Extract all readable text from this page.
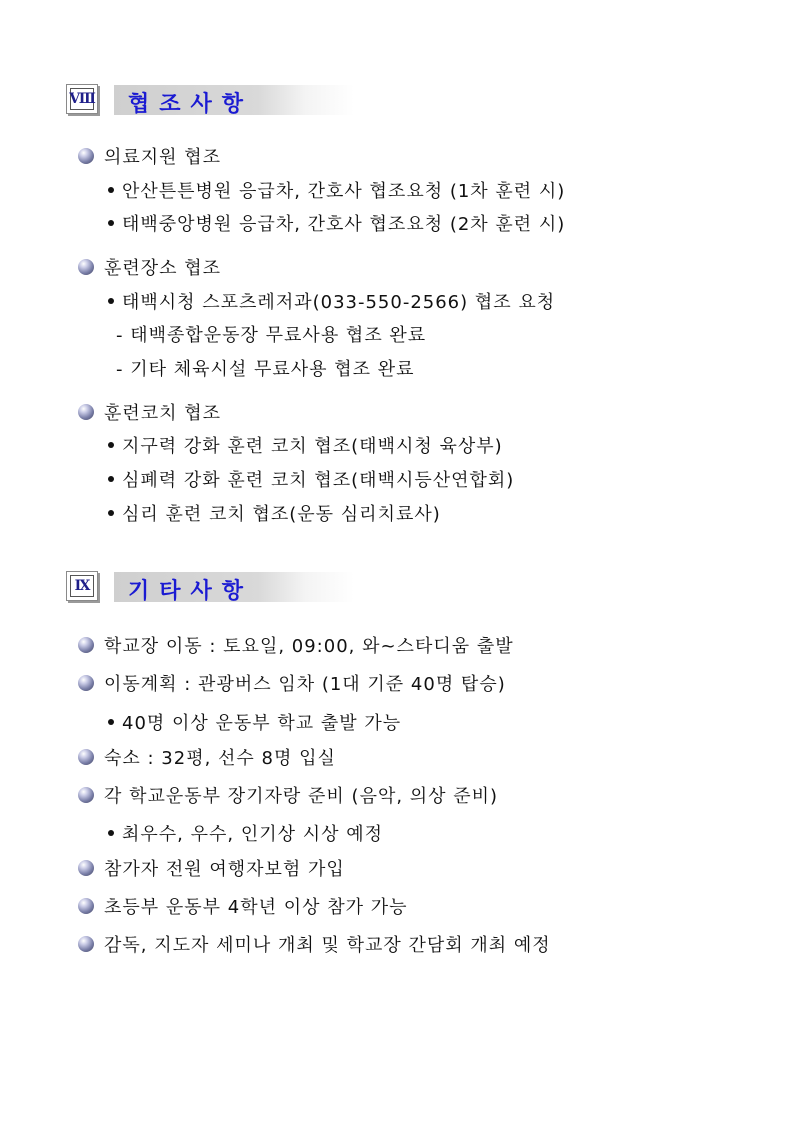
Ⅷ 협조사항
의료지원 협조
안산튼튼병원 응급차, 간호사 협조요청 (1차 훈련 시)
태백중앙병원 응급차, 간호사 협조요청 (2차 훈련 시)
훈련장소 협조
태백시청 스포츠레저과(033-550-2566) 협조 요청
- 태백종합운동장 무료사용 협조 완료
- 기타 체육시설 무료사용 협조 완료
훈련코치 협조
지구력 강화 훈련 코치 협조(태백시청 육상부)
심폐력 강화 훈련 코치 협조(태백시등산연합회)
심리 훈련 코치 협조(운동 심리치료사)
Ⅸ 기타사항
학교장 이동 : 토요일, 09:00, 와~스타디움 출발
이동계획 : 관광버스 임차 (1대 기준 40명 탑승)
40명 이상 운동부 학교 출발 가능
숙소 : 32평, 선수 8명 입실
각 학교운동부 장기자랑 준비 (음악, 의상 준비)
최우수, 우수, 인기상 시상 예정
참가자 전원 여행자보험 가입
초등부 운동부 4학년 이상 참가 가능
감독, 지도자 세미나 개최 및 학교장 간담회 개최 예정
